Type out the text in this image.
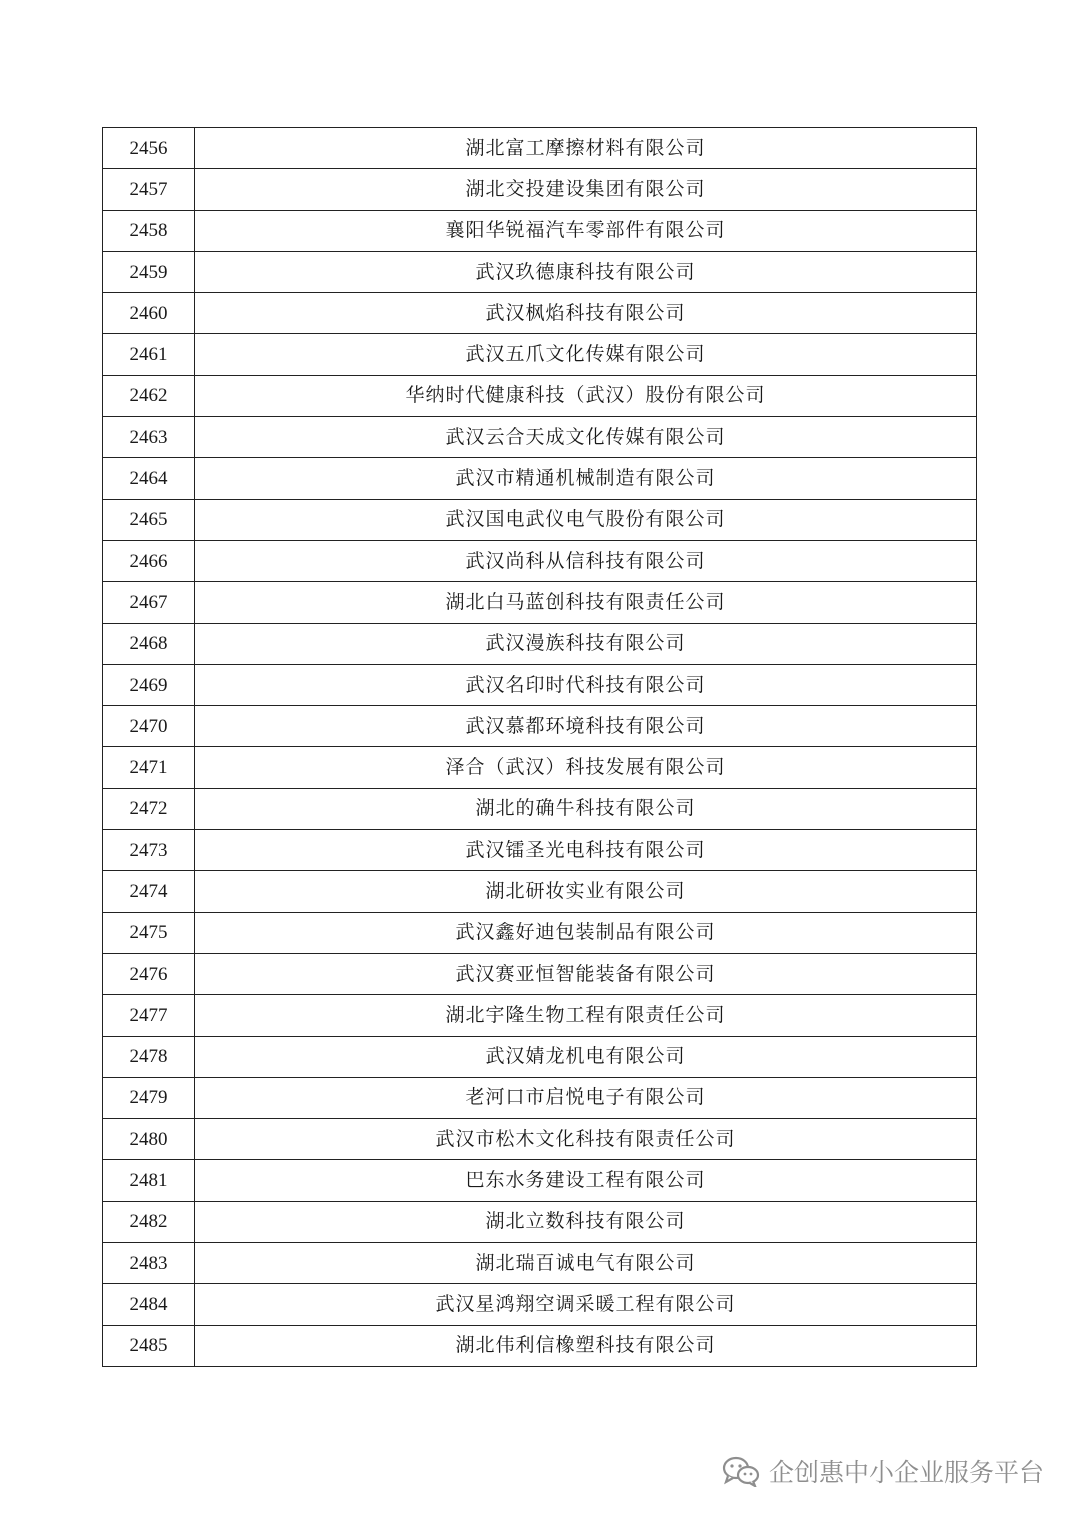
2456	湖北富工摩擦材料有限公司
2457	湖北交投建设集团有限公司
2458	襄阳华锐福汽车零部件有限公司
2459	武汉玖德康科技有限公司
2460	武汉枫焰科技有限公司
2461	武汉五爪文化传媒有限公司
2462	华纳时代健康科技（武汉）股份有限公司
2463	武汉云合天成文化传媒有限公司
2464	武汉市精通机械制造有限公司
2465	武汉国电武仪电气股份有限公司
2466	武汉尚科从信科技有限公司
2467	湖北白马蓝创科技有限责任公司
2468	武汉漫族科技有限公司
2469	武汉名印时代科技有限公司
2470	武汉慕都环境科技有限公司
2471	泽合（武汉）科技发展有限公司
2472	湖北的确牛科技有限公司
2473	武汉镭圣光电科技有限公司
2474	湖北研妆实业有限公司
2475	武汉鑫好迪包装制品有限公司
2476	武汉赛亚恒智能装备有限公司
2477	湖北宇隆生物工程有限责任公司
2478	武汉婧龙机电有限公司
2479	老河口市启悦电子有限公司
2480	武汉市松木文化科技有限责任公司
2481	巴东水务建设工程有限公司
2482	湖北立数科技有限公司
2483	湖北瑞百诚电气有限公司
2484	武汉星鸿翔空调采暖工程有限公司
2485	湖北伟利信橡塑科技有限公司
企创惠中小企业服务平台
